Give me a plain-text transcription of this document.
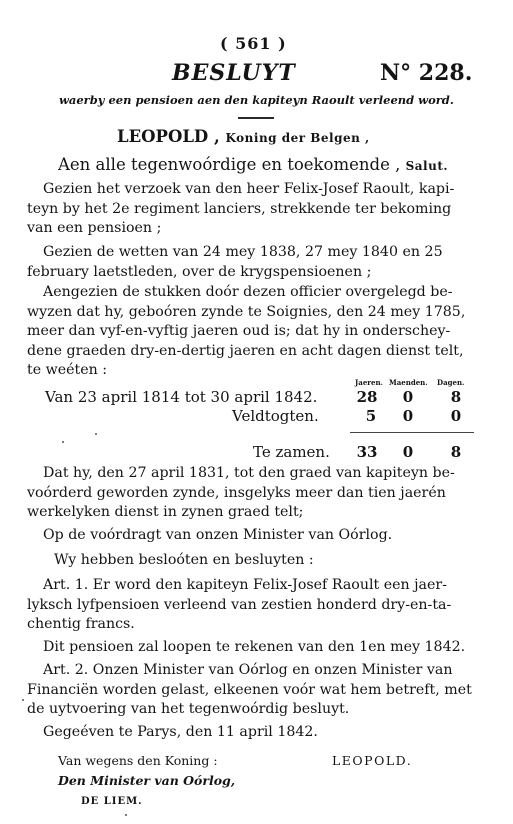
( 561 )
BESLUYT	N° 228.
waerby een pensioen aen den kapiteyn Raoult verleend word.
LEOPOLD , Koning der Belgen ,
Aen alle tegenwoórdige en toekomende , Salut.
Gezien het verzoek van den heer Felix-Josef Raoult, kapi-
teyn by het 2e regiment lanciers, strekkende ter bekoming
van een pensioen ;
Gezien de wetten van 24 mey 1838, 27 mey 1840 en 25
february laetstleden, over de krygspensioenen ;
Aengezien de stukken doór dezen officier overgelegd be-
wyzen dat hy, geboóren zynde te Soignies, den 24 mey 1785,
meer dan vyf-en-vyftig jaeren oud is; dat hy in onderschey-
dene graeden dry-en-dertig jaeren en acht dagen dienst telt,
te weéten :
Jaeren. Maenden. Dagen.
Van 23 april 1814 tot 30 april 1842.	28	0	8
Veldtogten.	5	0	0
Te zamen. 33	0	8
Dat hy, den 27 april 1831, tot den graed van kapiteyn be-
voórderd geworden zynde, insgelyks meer dan tien jaerén
werkelyken dienst in zynen graed telt;
Op de voórdragt van onzen Minister van Oórlog.
Wy hebben besloóten en besluyten :
Art. 1. Er word den kapiteyn Felix-Josef Raoult een jaer-
lyksch lyfpensioen verleend van zestien honderd dry-en-ta-
chentig francs.
Dit pensioen zal loopen te rekenen van den 1en mey 1842.
Art. 2. Onzen Minister van Oórlog en onzen Minister van
Financiën worden gelast, elkeenen voór wat hem betreft, met
de uytvoering van het tegenwoórdig besluyt.
Gegeéven te Parys, den 11 april 1842.
Van wegens den Koning :	LEOPOLD.
Den Minister van Oórlog,
DE LIEM.
